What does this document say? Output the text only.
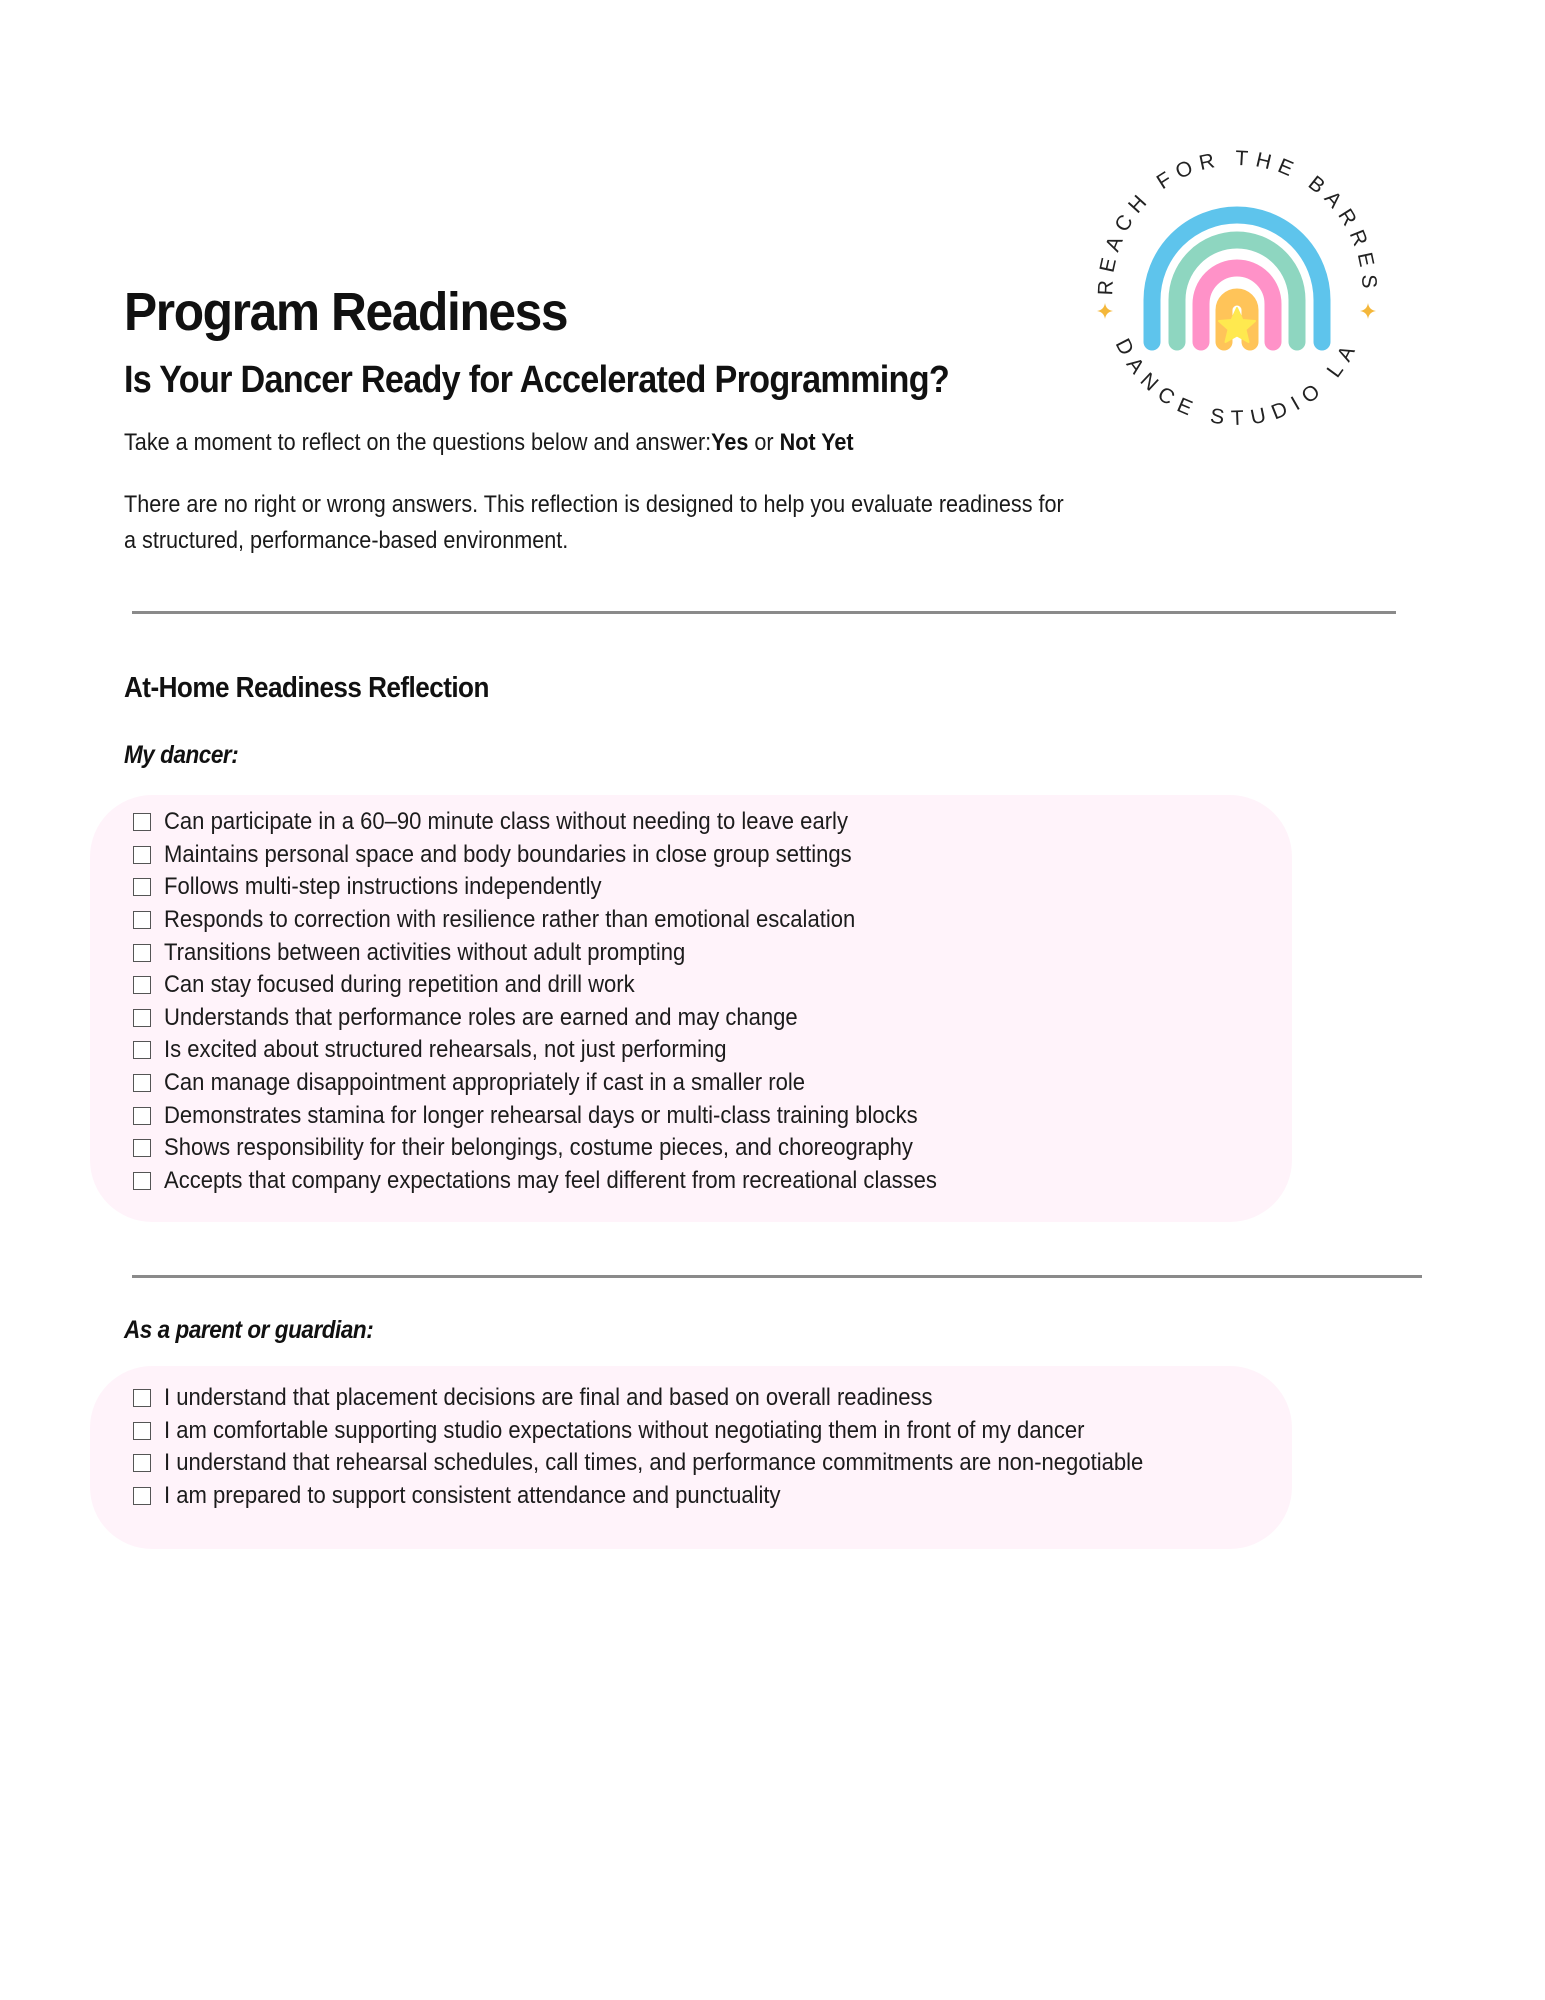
REACH FOR THE BARRES
DANCE STUDIO LA
Program Readiness
Is Your Dancer Ready for Accelerated Programming?
Take a moment to reflect on the questions below and answer:Yes or Not Yet
There are no right or wrong answers. This reflection is designed to help you evaluate readiness for
a structured, performance-based environment.
At-Home Readiness Reflection
My dancer:
Can participate in a 60–90 minute class without needing to leave early
Maintains personal space and body boundaries in close group settings
Follows multi-step instructions independently
Responds to correction with resilience rather than emotional escalation
Transitions between activities without adult prompting
Can stay focused during repetition and drill work
Understands that performance roles are earned and may change
Is excited about structured rehearsals, not just performing
Can manage disappointment appropriately if cast in a smaller role
Demonstrates stamina for longer rehearsal days or multi-class training blocks
Shows responsibility for their belongings, costume pieces, and choreography
Accepts that company expectations may feel different from recreational classes
As a parent or guardian:
I understand that placement decisions are final and based on overall readiness
I am comfortable supporting studio expectations without negotiating them in front of my dancer
I understand that rehearsal schedules, call times, and performance commitments are non-negotiable
I am prepared to support consistent attendance and punctuality
